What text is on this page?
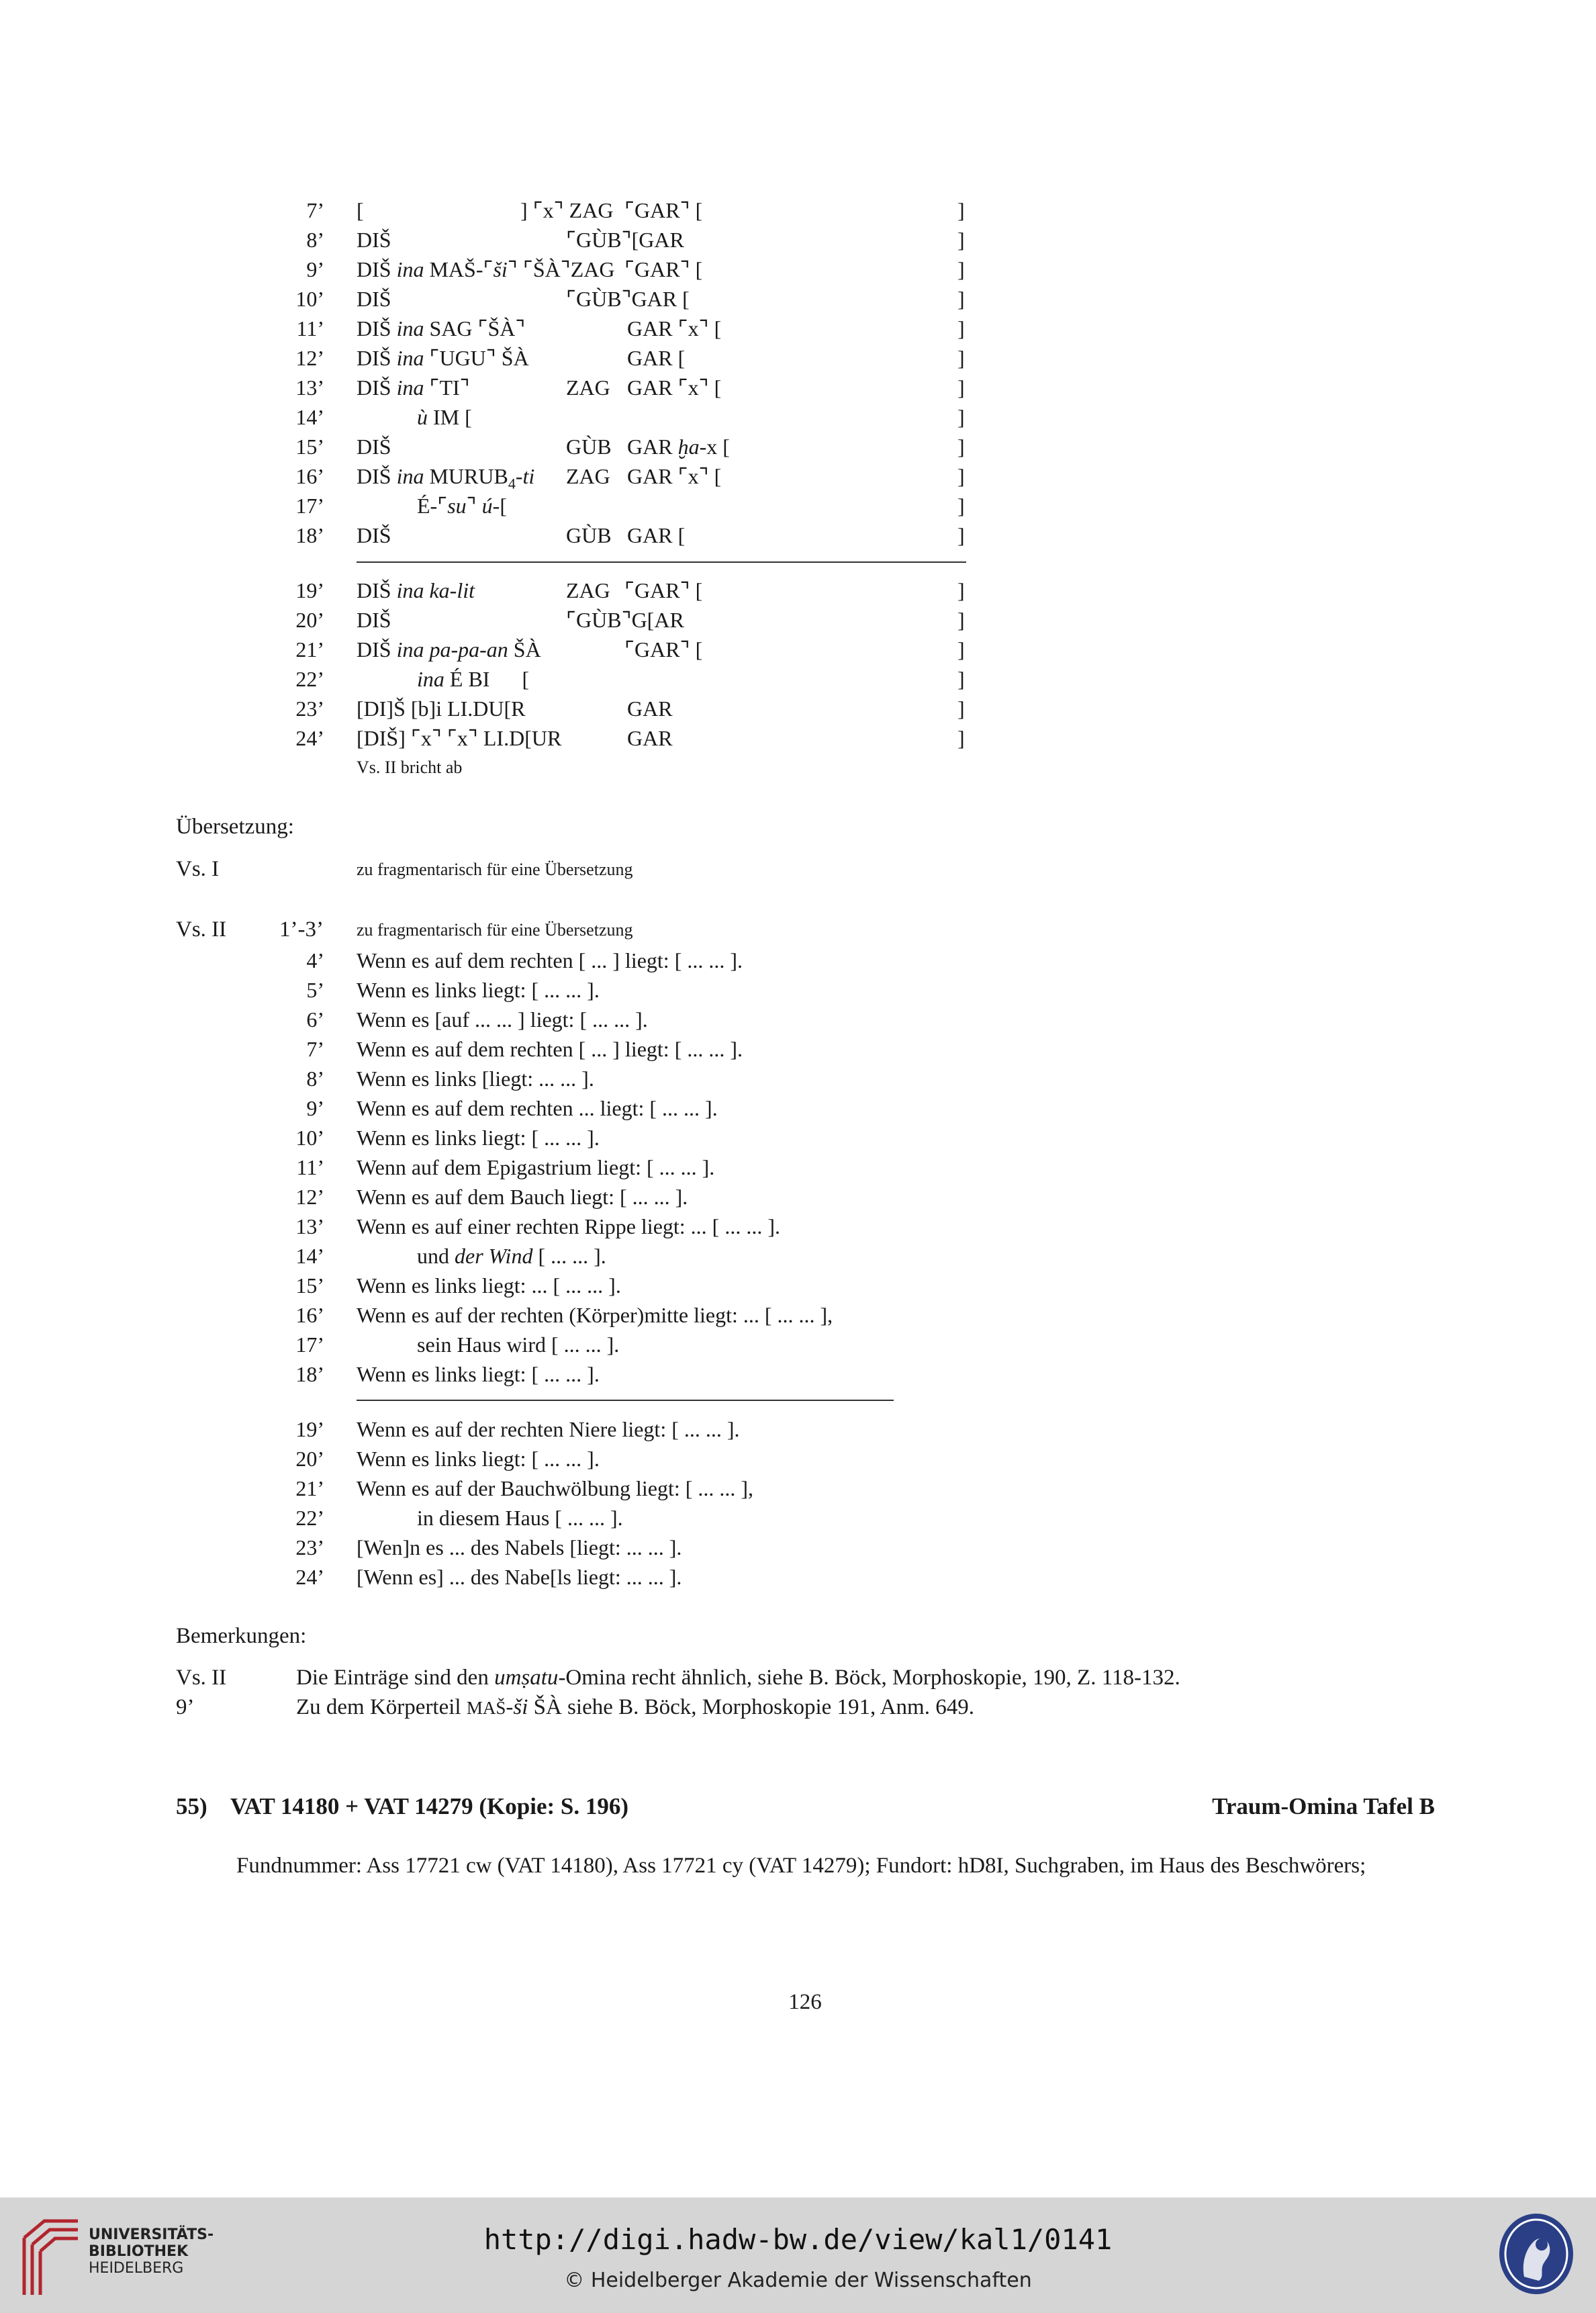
7’ [	] ⌜x⌝ ZAG ⌜GAR⌝ [	]
8’ DIŠ	⌜GÙB⌝[GAR	]
9’ DIŠ ina MAŠ-⌜ši⌝ ⌜ŠÀ⌝ZAG ⌜GAR⌝ [	]
10’ DIŠ	⌜GÙB⌝GAR [	]
11’ DIŠ ina SAG ⌜ŠÀ⌝	GAR ⌜x⌝ [	]
12’ DIŠ ina ⌜UGU⌝ ŠÀ	GAR [	]
13’ DIŠ ina ⌜TI⌝	ZAG GAR ⌜x⌝ [	]
14’	ù IM [	]
15’ DIŠ	GÙB GAR ḫa-x [	]
16’ DIŠ ina $MURUB_4-ti$ ZAG GAR ⌜x⌝ [	]
17’	É-⌜su⌝ ú-[	]
18’ DIŠ	GÙB GAR [	]
19’ DIŠ ina ka-lit	ZAG ⌜GAR⌝ [	]
20’ DIŠ	⌜GÙB⌝G[AR	]
21’ DIŠ ina pa-pa-an ŠÀ	⌜GAR⌝ [	]
22’	ina É BI      [	]
23’ [DI]Š [b]i LI.DU[R	GAR	]
24’ [DIŠ] ⌜x⌝ ⌜x⌝ LI.D[UR	GAR	]
Vs. II bricht ab
Übersetzung:
Vs. I	zu fragmentarisch für eine Übersetzung
Vs. II 1’-3’ zu fragmentarisch für eine Übersetzung
4’ Wenn es auf dem rechten [ ... ] liegt: [ ... ... ].
5’ Wenn es links liegt: [ ... ... ].
6’ Wenn es [auf ... ... ] liegt: [ ... ... ].
7’ Wenn es auf dem rechten [ ... ] liegt: [ ... ... ].
8’ Wenn es links [liegt: ... ... ].
9’ Wenn es auf dem rechten ... liegt: [ ... ... ].
10’ Wenn es links liegt: [ ... ... ].
11’ Wenn auf dem Epigastrium liegt: [ ... ... ].
12’ Wenn es auf dem Bauch liegt: [ ... ... ].
13’ Wenn es auf einer rechten Rippe liegt: ... [ ... ... ].
14’	und der Wind [ ... ... ].
15’ Wenn es links liegt: ... [ ... ... ].
16’ Wenn es auf der rechten (Körper)mitte liegt: ... [ ... ... ],
17’	sein Haus wird [ ... ... ].
18’ Wenn es links liegt: [ ... ... ].
19’ Wenn es auf der rechten Niere liegt: [ ... ... ].
20’ Wenn es links liegt: [ ... ... ].
21’ Wenn es auf der Bauchwölbung liegt: [ ... ... ],
22’	in diesem Haus [ ... ... ].
23’ [Wen]n es ... des Nabels [liegt: ... ... ].
24’ [Wenn es] ... des Nabe[ls liegt: ... ... ].
Bemerkungen:
Vs. II	Die Einträge sind den umṣatu-Omina recht ähnlich, siehe B. Böck, Morphoskopie, 190, Z. 118-132.
9’	Zu dem Körperteil MAŠ-ši ŠÀ siehe B. Böck, Morphoskopie 191, Anm. 649.
55)    VAT 14180 + VAT 14279 (Kopie: S. 196)	Traum-Omina Tafel B
Fundnummer: Ass 17721 cw (VAT 14180), Ass 17721 cy (VAT 14279); Fundort: hD8I, Suchgraben, im Haus des Beschwörers;
126
UNIVERSITÄTS-
BIBLIOTHEK
HEIDELBERG
http://digi.hadw-bw.de/view/kal1/0141
© Heidelberger Akademie der Wissenschaften
